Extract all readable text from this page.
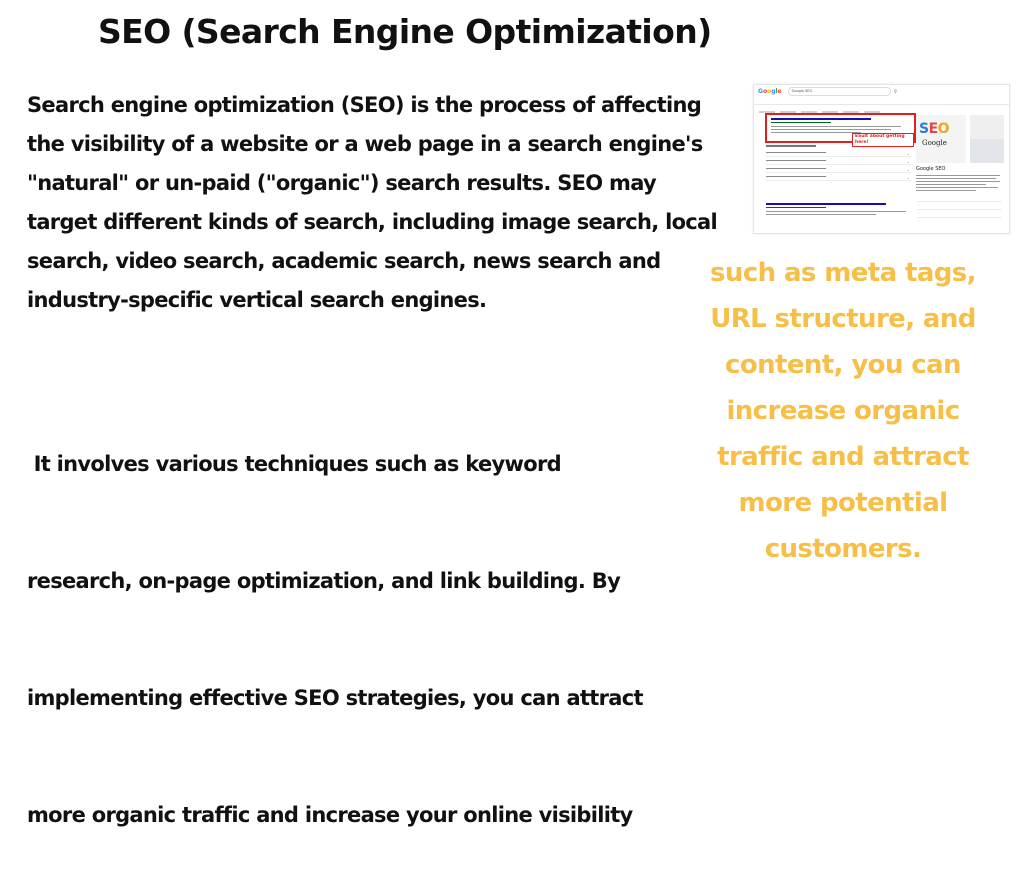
SEO (Search Engine Optimization)
Search engine optimization (SEO) is the process of affecting
the visibility of a website or a web page in a search engine's
"natural" or un-paid ("organic") search results. SEO may
target different kinds of search, including image search, local
search, video search, academic search, news search and
industry-specific vertical search engines.

It involves various techniques such as keyword

research, on-page optimization, and link building. By

implementing effective SEO strategies, you can attract

more organic traffic and increase your online visibility

Google	Google SEO	⚲
ESult about getting here!
⌄
⌄
⌄
⌄
SEO
Google
Google SEO
such as meta tags,
URL structure, and
content, you can
increase organic
traffic and attract
more potential
customers.
